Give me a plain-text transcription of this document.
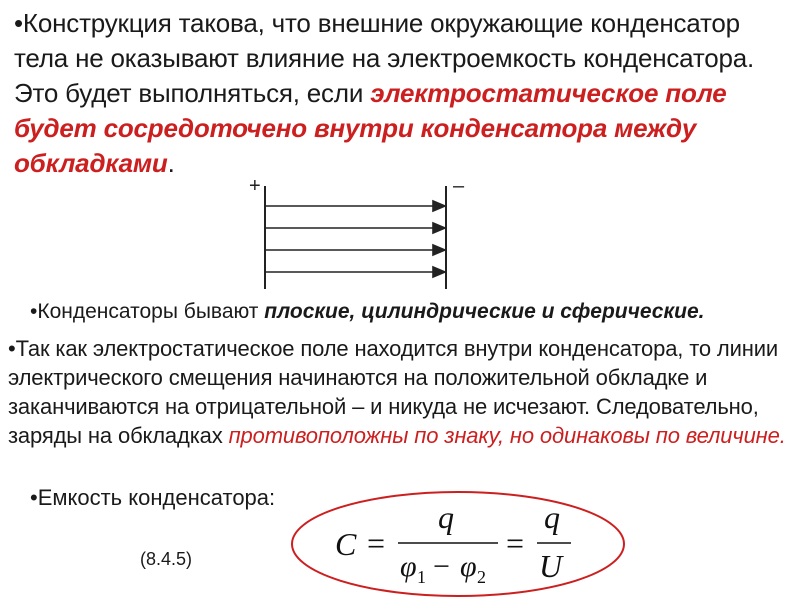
•Конструкция такова, что внешние окружающие конденсатор тела не оказывают влияние на электроемкость конденсатора. Это будет выполняться, если электростатическое поле будет сосредоточено внутри конденсатора между обкладками.

+	–

•Конденсаторы бывают плоские, цилиндрические и сферические.

•Так как электростатическое поле находится внутри конденсатора, то линии электрического смещения начинаются на положительной обкладке и заканчиваются на отрицательной – и никуда не исчезают. Следовательно, заряды на обкладках противоположны по знаку, но одинаковы по величине.

•Емкость конденсатора:

C =
q
φ 1 − φ 2
=
q
U
(8.4.5)
